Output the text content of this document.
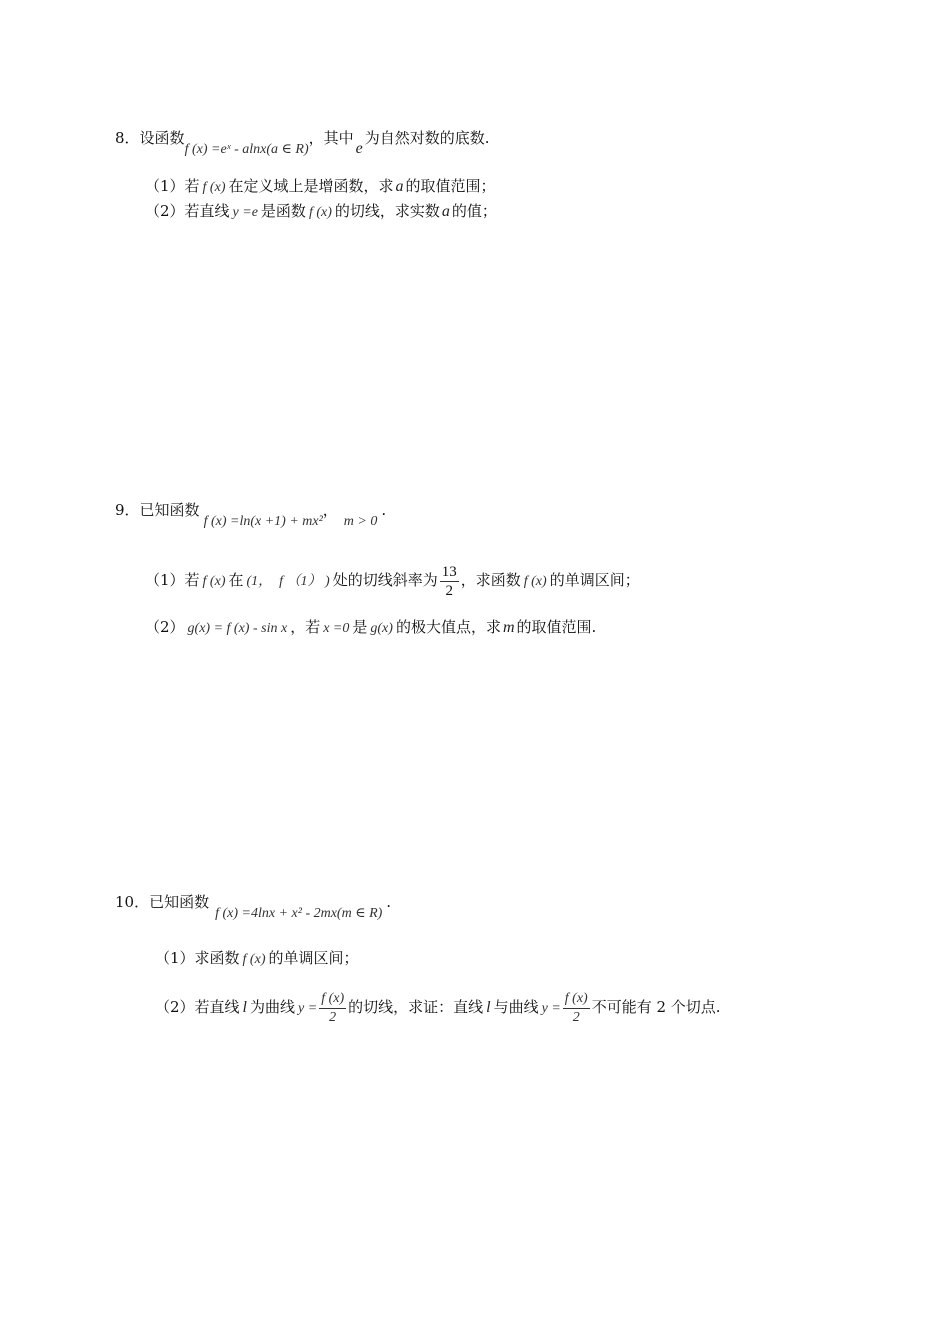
8．设函数f (x) =eˣ - alnx(a ∈ R)，其中e为自然对数的底数.
（1）若 f (x) 在定义域上是增函数，求 a 的取值范围；
（2）若直线 y =e 是函数 f (x) 的切线，求实数 a 的值；
9．已知函数f (x) =ln(x +1) + mx²，m > 0.
（1）若 f (x) 在 (1，  f （1） ) 处的切线斜率为 $\frac{13}{2}$ ，求函数 f (x) 的单调区间；
（2） g(x) = f (x) - sin x ，若 x =0 是 g(x) 的极大值点，求 m 的取值范围.
10．已知函数f (x) =4lnx + x² - 2mx(m ∈ R).
（1）求函数 f (x) 的单调区间；
（2）若直线 l 为曲线 $y = \frac{f (x)}{2}$ 的切线，求证：直线 l 与曲线 $y = \frac{f (x)}{2}$ 不可能有 2 个切点.
